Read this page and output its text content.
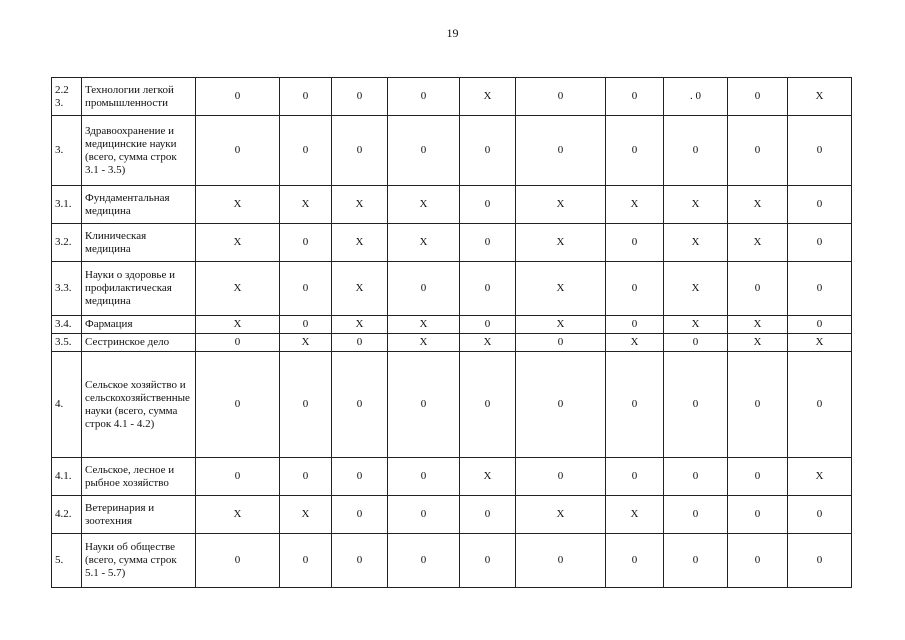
19
2.2 3.	Технологии легкой промышленности	0	0	0	0	Х	0	0	. 0	0	Х
3.	Здравоохранение и медицинские науки (всего, сумма строк 3.1 - 3.5)	0	0	0	0	0	0	0	0	0	0
3.1.	Фундаментальная медицина	Х	Х	Х	Х	0	Х	Х	Х	Х	0
3.2.	Клиническая медицина	Х	0	Х	Х	0	Х	0	Х	Х	0
3.3.	Науки о здоровье и профилактическая медицина	Х	0	Х	0	0	Х	0	Х	0	0
3.4.	Фармация	Х	0	Х	Х	0	Х	0	Х	Х	0
3.5.	Сестринское дело	0	Х	0	Х	Х	0	Х	0	Х	Х
4.	Сельское хозяйство и сельскохозяйственные науки (всего, сумма строк 4.1 - 4.2)	0	0	0	0	0	0	0	0	0	0
4.1.	Сельское, лесное и рыбное хозяйство	0	0	0	0	Х	0	0	0	0	Х
4.2.	Ветеринария и зоотехния	Х	Х	0	0	0	Х	Х	0	0	0
5.	Науки об обществе (всего, сумма строк 5.1 - 5.7)	0	0	0	0	0	0	0	0	0	0
